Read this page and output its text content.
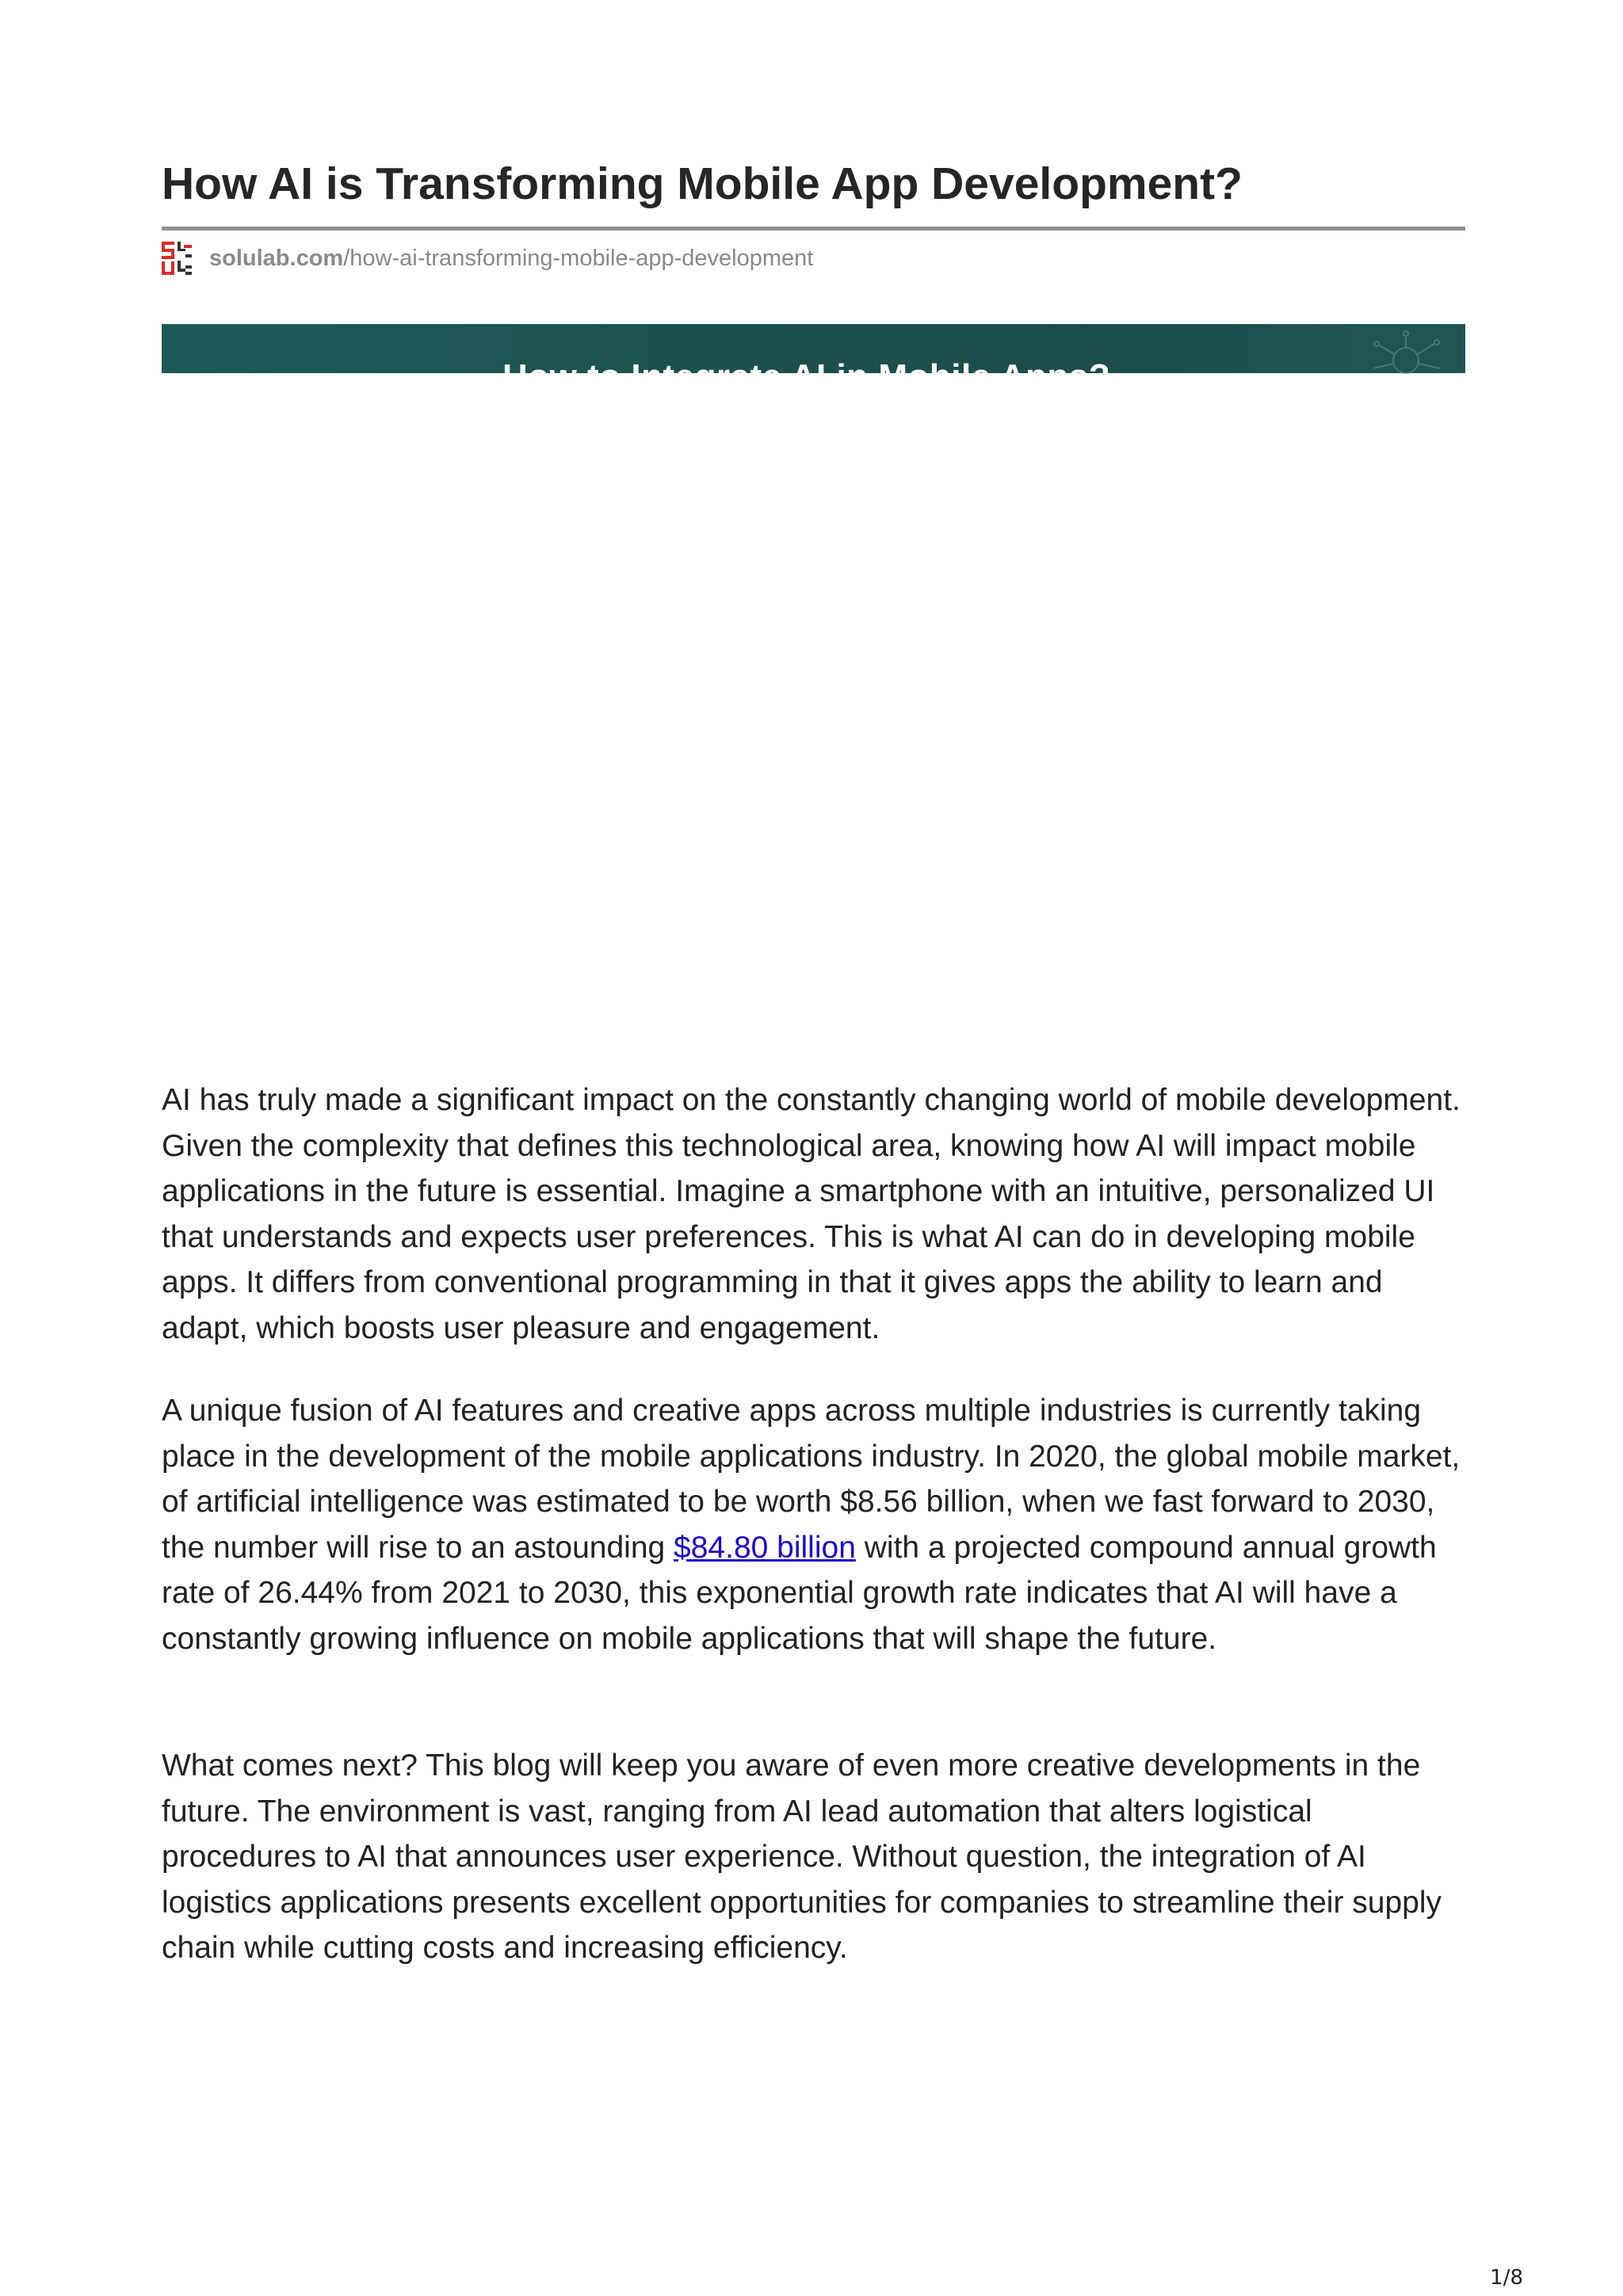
How AI is Transforming Mobile App Development?
solulab.com/how-ai-transforming-mobile-app-development
How to Integrate AI in Mobile Apps?

AI has truly made a significant impact on the constantly changing world of mobile development. Given the complexity that defines this technological area, knowing how AI will impact mobile applications in the future is essential. Imagine a smartphone with an intuitive, personalized UI that understands and expects user preferences. This is what AI can do in developing mobile apps. It differs from conventional programming in that it gives apps the ability to learn and adapt, which boosts user pleasure and engagement.

A unique fusion of AI features and creative apps across multiple industries is currently taking place in the development of the mobile applications industry. In 2020, the global mobile market, of artificial intelligence was estimated to be worth $8.56 billion, when we fast forward to 2030, the number will rise to an astounding $84.80 billion with a projected compound annual growth rate of 26.44% from 2021 to 2030, this exponential growth rate indicates that AI will have a constantly growing influence on mobile applications that will shape the future.

What comes next? This blog will keep you aware of even more creative developments in the future. The environment is vast, ranging from AI lead automation that alters logistical procedures to AI that announces user experience. Without question, the integration of AI logistics applications presents excellent opportunities for companies to streamline their supply chain while cutting costs and increasing efficiency.

1/8
